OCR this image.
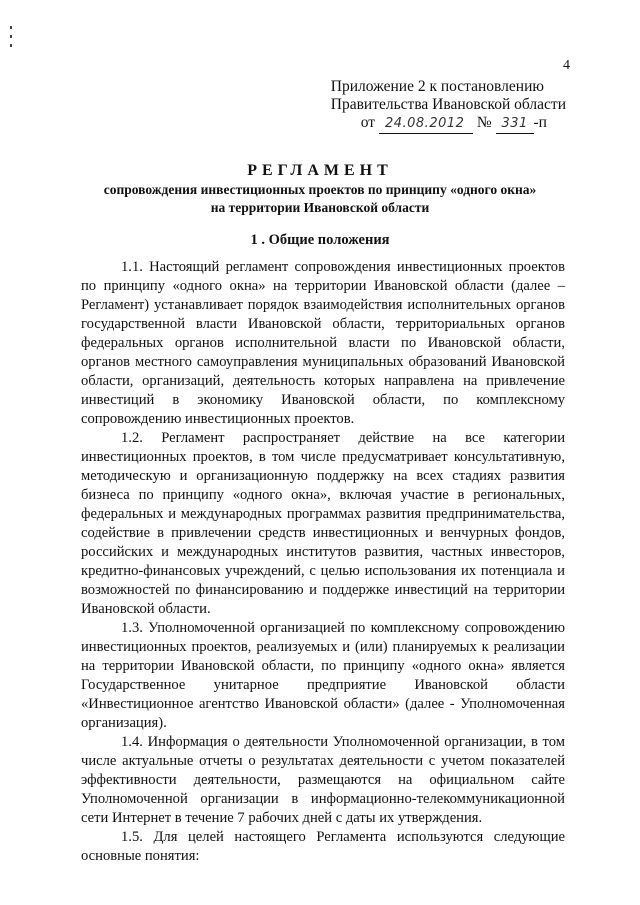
4
Приложение 2 к постановлению
Правительства Ивановской области
от 24.08.2012 № 331 -п
РЕГЛАМЕНТ
сопровождения инвестиционных проектов по принципу «одного окна»
на территории Ивановской области
1 . Общие положения

1.1. Настоящий регламент сопровождения инвестиционных проектов по принципу «одного окна» на территории Ивановской области (далее – Регламент) устанавливает порядок взаимодействия исполнительных органов государственной власти Ивановской области, территориальных органов федеральных органов исполнительной власти по Ивановской области, органов местного самоуправления муниципальных образований Ивановской области, организаций, деятельность которых направлена на привлечение инвестиций в экономику Ивановской области, по комплексному сопровождению инвестиционных проектов.

1.2. Регламент распространяет действие на все категории инвестиционных проектов, в том числе предусматривает консультативную, методическую и организационную поддержку на всех стадиях развития бизнеса по принципу «одного окна», включая участие в региональных, федеральных и международных программах развития предпринимательства, содействие в привлечении средств инвестиционных и венчурных фондов, российских и международных институтов развития, частных инвесторов, кредитно-финансовых учреждений, с целью использования их потенциала и возможностей по финансированию и поддержке инвестиций на территории Ивановской области.

1.3. Уполномоченной организацией по комплексному сопровождению инвестиционных проектов, реализуемых и (или) планируемых к реализации на территории Ивановской области, по принципу «одного окна» является Государственное унитарное предприятие Ивановской области «Инвестиционное агентство Ивановской области» (далее - Уполномоченная организация).

1.4. Информация о деятельности Уполномоченной организации, в том числе актуальные отчеты о результатах деятельности с учетом показателей эффективности деятельности, размещаются на официальном сайте Уполномоченной организации в информационно-телекоммуникационной сети Интернет в течение 7 рабочих дней с даты их утверждения.

1.5. Для целей настоящего Регламента используются следующие основные понятия:
